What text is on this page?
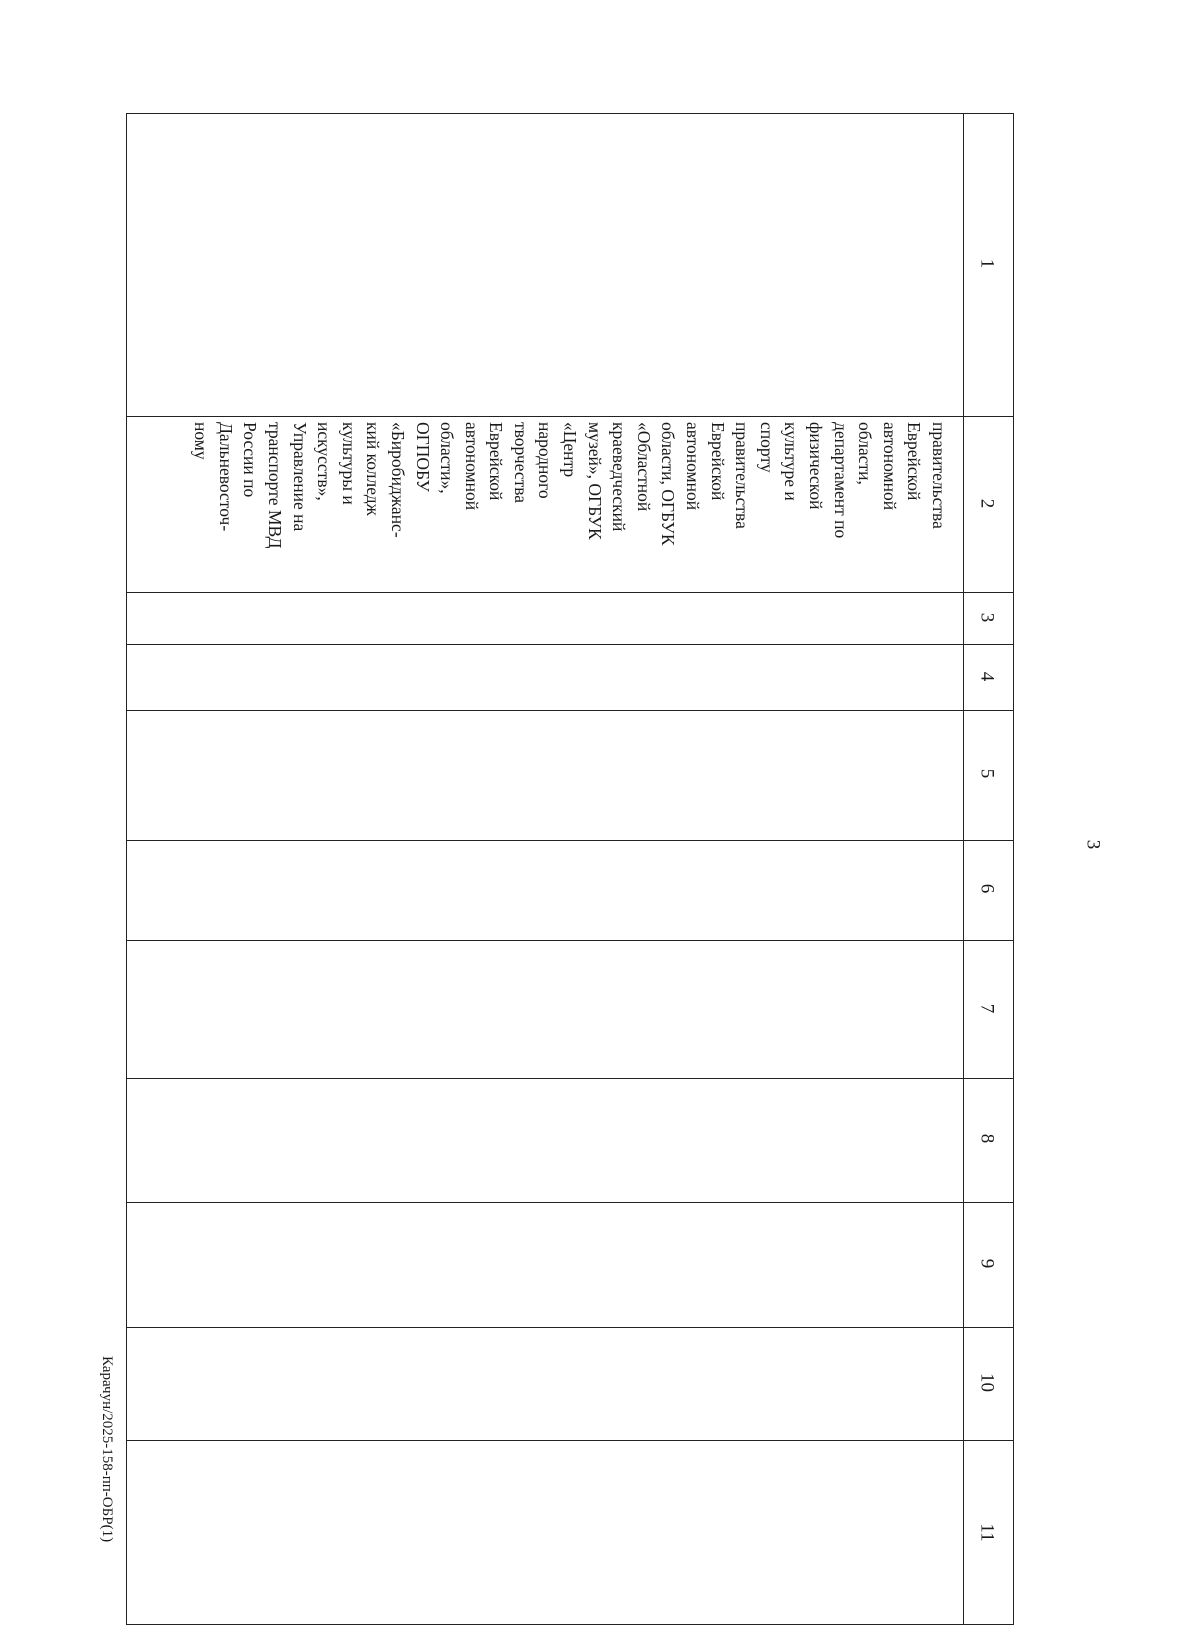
3
Карачун/2025-158-пп-ОБР(1)
1
2
3
4
5
6
7
8
9
10
11
правительства
Еврейской
автономной
области,
департамент по
физической
культуре и
спорту
правительства
Еврейской
автономной
области, ОГБУК
«Областной
краеведческий
музей», ОГБУК
«Центр
народного
творчества
Еврейской
автономной
области»,
ОГПОБУ
«Биробиджанс-
кий колледж
культуры и
искусств»,
Управление на
транспорте МВД
России по
Дальневосточ-
ному
